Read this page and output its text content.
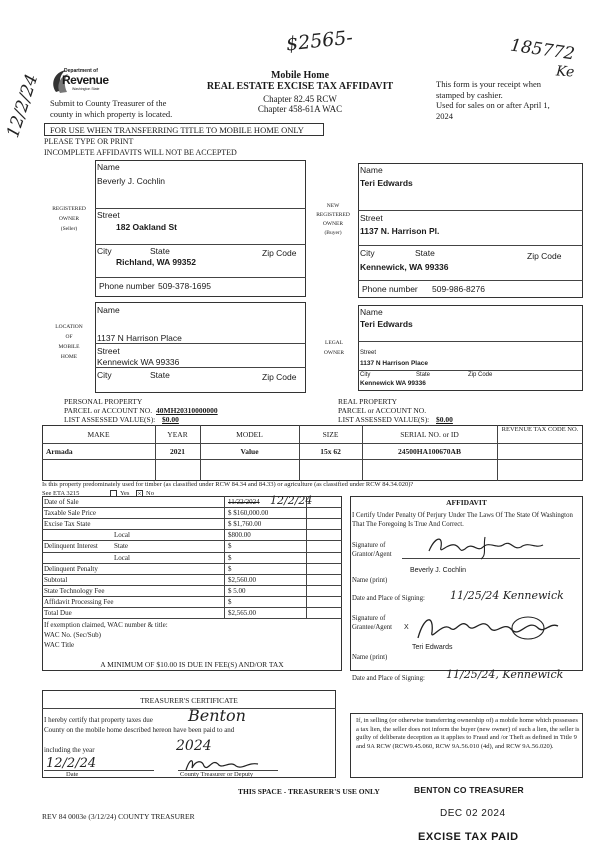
$2565-	185772
Ke
12/2/24
Department of
Revenue
Washington State
Mobile Home
REAL ESTATE EXCISE TAX AFFIDAVIT
Chapter 82.45 RCW
Chapter 458-61A WAC
Submit to County Treasurer of the county in which property is located.
This form is your receipt when stamped by cashier.
Used for sales on or after April 1, 2024
FOR USE WHEN TRANSFERRING TITLE TO MOBILE HOME ONLY
PLEASE TYPE OR PRINT
INCOMPLETE AFFIDAVITS WILL NOT BE ACCEPTED
REGISTERED
OWNER
(Seller)
Name
Beverly J. Cochlin
Street
182 Oakland St
City	State	Zip Code
Richland, WA 99352
Phone number 509-378-1695
NEW
REGISTERED
OWNER
(Buyer)
Name
Teri Edwards
Street
1137 N. Harrison Pl.
City	State	Zip Code
Kennewick, WA 99336
Phone number 509-986-8276
LOCATION
OF
MOBILE
HOME
Name
1137 N Harrison Place
Street
Kennewick WA 99336
City	State	Zip Code
LEGAL
OWNER
Name
Teri Edwards
Street
1137 N Harrison Place
City	State	Zip Code
Kennewick WA 99336
PERSONAL PROPERTY
PARCEL or ACCOUNT NO. 40MH20310000000
LIST ASSESSED VALUE(S): $0.00
REAL PROPERTY
PARCEL or ACCOUNT NO.
LIST ASSESSED VALUE(S): $0.00
MAKE	YEAR	MODEL	SIZE	SERIAL NO. or ID
REVENUE TAX CODE NO.
Armada	2021	Value	15x 62	24500HA100670AB
Is this property predominately used for timber (as classified under RCW 84.34 and 84.33) or agriculture (as classified under RCW 84.34.020)?
See ETA 3215	Yes × No
Date of Sale	11/22/2024
Taxable Sale Price	$ $160,000.00
Excise Tax State	$ $1,760.00
Local	$800.00
Delinquent Interest State	$
Local	$
Delinquent Penalty	$
Subtotal	$2,560.00
State Technology Fee	$ 5.00
Affidavit Processing Fee	$
Total Due	$2,565.00
12/2/24
If exemption claimed, WAC number & title:
WAC No. (Sec/Sub)
WAC Title
A MINIMUM OF $10.00 IS DUE IN FEE(S) AND/OR TAX
AFFIDAVIT
I Certify Under Penalty Of Perjury Under The Laws Of The State Of Washington That The Foregoing Is True And Correct.
Signature of Grantor/Agent
Beverly J. Cochlin
Name (print)
Date and Place of Signing: 11/25/24 Kennewick
Signature of Grantee/Agent	X
Teri Edwards
Name (print)
Date and Place of Signing: 11/25/24, Kennewick
TREASURER'S CERTIFICATE
I hereby certify that property taxes due Benton
County on the mobile home described hereon have been paid to and
including the year	2024
12/2/24
Date	County Treasurer or Deputy
If, in selling (or otherwise transferring ownership of) a mobile home which possesses a tax lien, the seller does not inform the buyer (new owner) of such a lien, the seller is guilty of deliberate deception as it applies to Fraud and /or Theft as defined in Title 9 and 9A RCW (RCW9.45.060, RCW 9A.56.010 (4d), and RCW 9A.56.020).
THIS SPACE - TREASURER'S USE ONLY	BENTON CO TREASURER
DEC 02 2024
EXCISE TAX PAID
REV 84 0003e (3/12/24) COUNTY TREASURER
